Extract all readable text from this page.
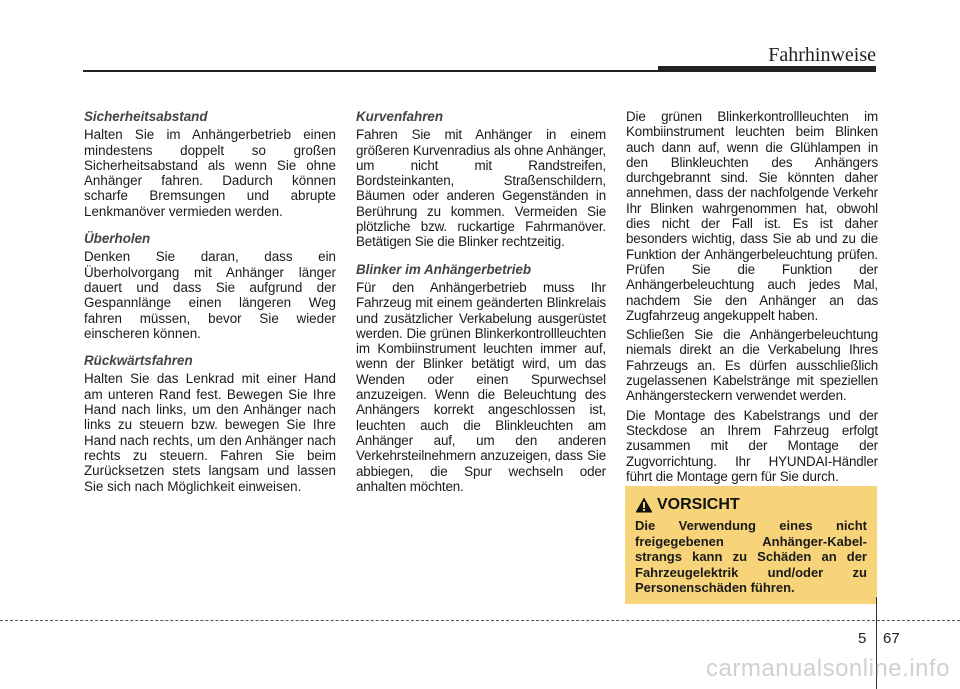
Fahrhinweise
Sicherheitsabstand

Halten Sie im Anhängerbetrieb einen mindestens doppelt so großen Sicherheitsabstand als wenn Sie ohne Anhänger fahren. Dadurch können scharfe Bremsungen und abrupte Lenkmanöver vermieden werden.

Überholen

Denken Sie daran, dass ein Überholvorgang mit Anhänger länger dauert und dass Sie aufgrund der Gespannlänge einen längeren Weg fahren müssen, bevor Sie wieder einscheren können.

Rückwärtsfahren

Halten Sie das Lenkrad mit einer Hand am unteren Rand fest. Bewegen Sie Ihre Hand nach links, um den Anhänger nach links zu steuern bzw. bewegen Sie Ihre Hand nach rechts, um den Anhänger nach rechts zu steuern. Fahren Sie beim Zurücksetzen stets langsam und lassen Sie sich nach Möglichkeit einweisen.

Kurvenfahren

Fahren Sie mit Anhänger in einem größeren Kurvenradius als ohne Anhänger, um nicht mit Randstreifen, Bordsteinkanten, Straßenschildern, Bäumen oder anderen Gegenständen in Berührung zu kommen. Vermeiden Sie plötzliche bzw. ruckartige Fahrmanöver. Betätigen Sie die Blinker rechtzeitig.

Blinker im Anhängerbetrieb

Für den Anhängerbetrieb muss Ihr Fahrzeug mit einem geänderten Blinkrelais und zusätzlicher Verkabelung ausgerüstet werden. Die grünen Blinkerkontrollleuchten im Kombiinstrument leuchten immer auf, wenn der Blinker betätigt wird, um das Wenden oder einen Spurwechsel anzuzeigen. Wenn die Beleuchtung des Anhängers korrekt angeschlossen ist, leuchten auch die Blinkleuchten am Anhänger auf, um den anderen Verkehrsteilnehmern anzuzeigen, dass Sie abbiegen, die Spur wechseln oder anhalten möchten.

Die grünen Blinkerkontrollleuchten im Kombiinstrument leuchten beim Blinken auch dann auf, wenn die Glühlampen in den Blinkleuchten des Anhängers durchgebrannt sind. Sie könnten daher annehmen, dass der nachfolgende Verkehr Ihr Blinken wahrgenommen hat, obwohl dies nicht der Fall ist. Es ist daher besonders wichtig, dass Sie ab und zu die Funktion der Anhängerbeleuchtung prüfen. Prüfen Sie die Funktion der Anhängerbeleuchtung auch jedes Mal, nachdem Sie den Anhänger an das Zugfahrzeug angekuppelt haben.

Schließen Sie die Anhängerbeleuchtung niemals direkt an die Verkabelung Ihres Fahrzeugs an. Es dürfen ausschließlich zugelassenen Kabelstränge mit speziellen Anhängersteckern verwendet werden.

Die Montage des Kabelstrangs und der Steckdose an Ihrem Fahrzeug erfolgt zusammen mit der Montage der Zugvorrichtung. Ihr HYUNDAI-Händler führt die Montage gern für Sie durch.

VORSICHT

Die Verwendung eines nicht freigegebenen Anhänger-Kabel-strangs kann zu Schäden an der Fahrzeugelektrik und/oder zu Personenschäden führen.

5 67
carmanualsonline.info
